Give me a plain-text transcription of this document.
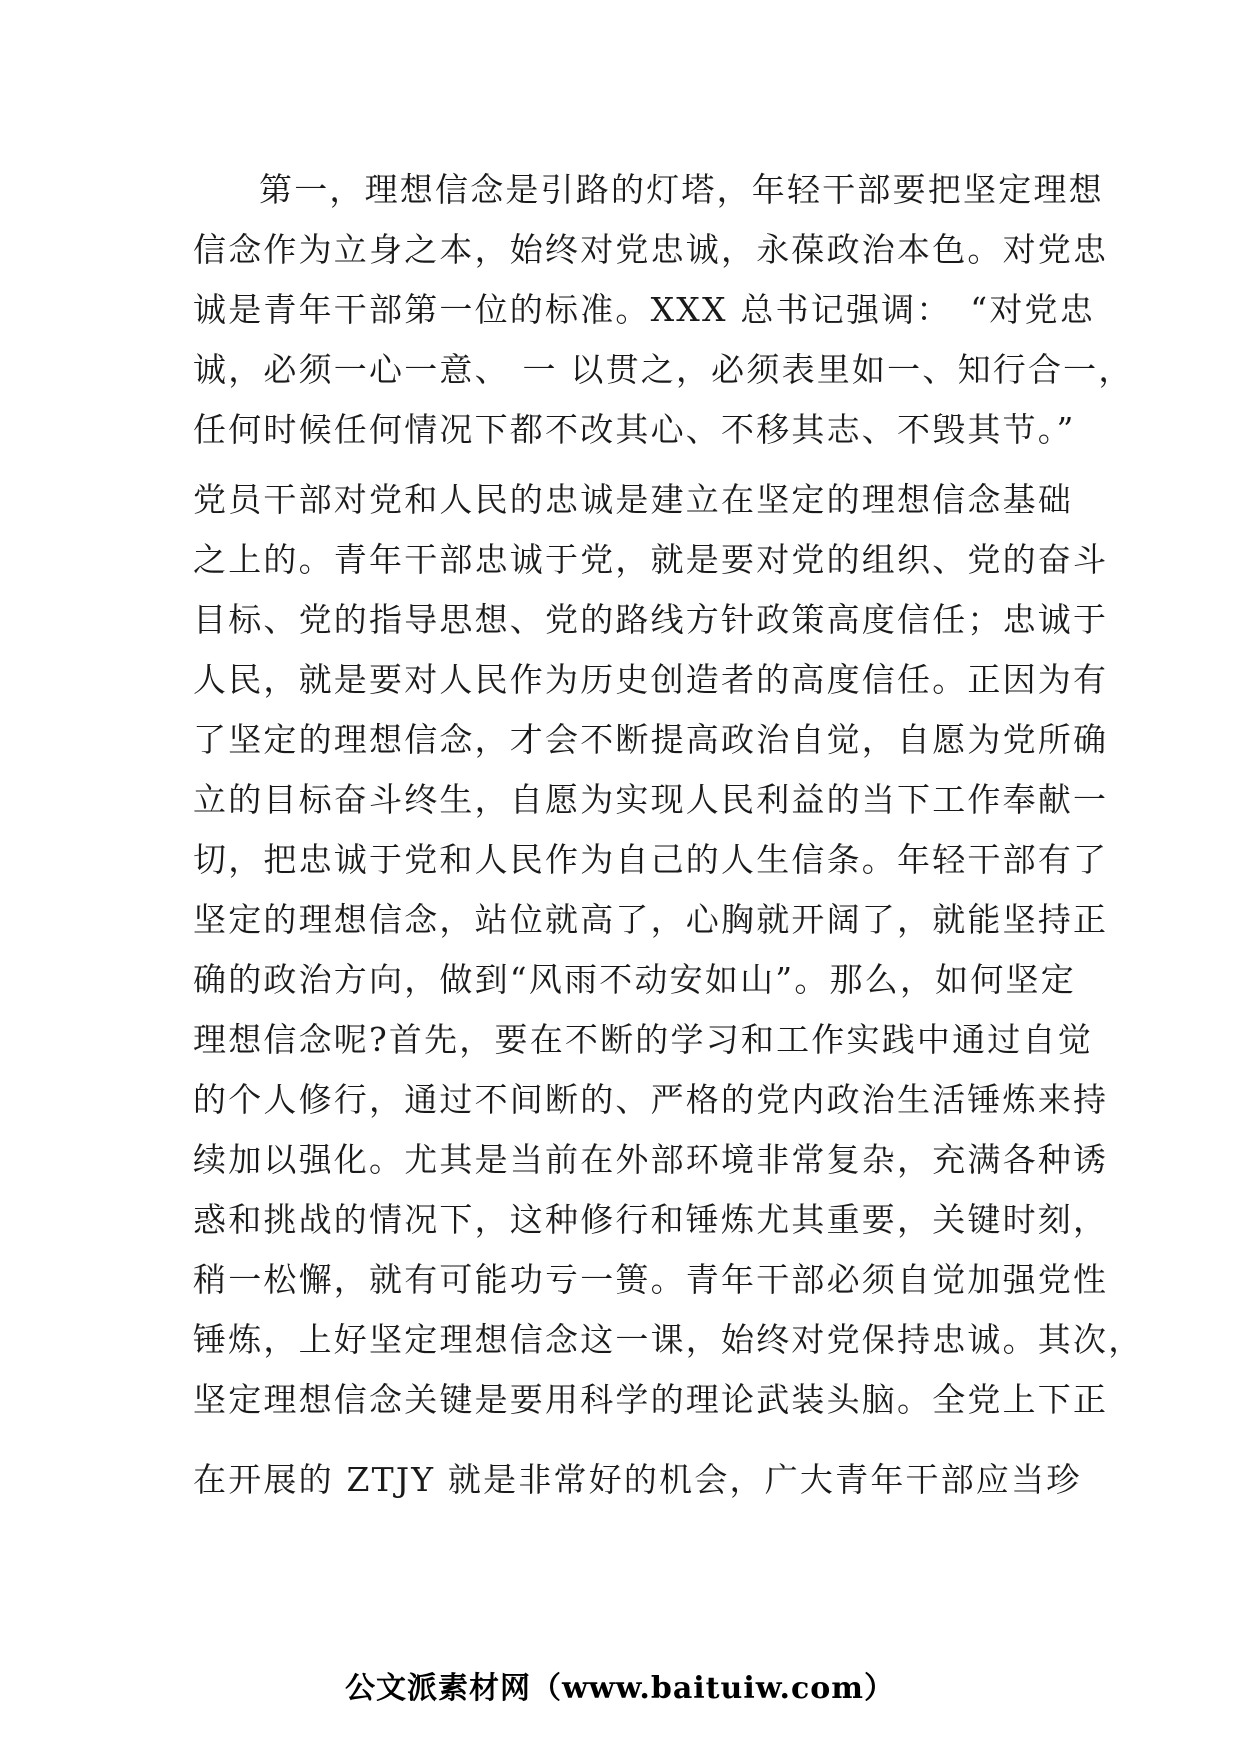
第一，理想信念是引路的灯塔，年轻干部要把坚定理想
信念作为立身之本，始终对党忠诚，永葆政治本色。对党忠
诚是青年干部第一位的标准。XXX 总书记强调：　“对党忠
诚，必须一心一意、 一 以贯之，必须表里如一、知行合一，
任何时候任何情况下都不改其心、不移其志、不毁其节。”
党员干部对党和人民的忠诚是建立在坚定的理想信念基础
之上的。青年干部忠诚于党，就是要对党的组织、党的奋斗
目标、党的指导思想、党的路线方针政策高度信任；忠诚于
人民，就是要对人民作为历史创造者的高度信任。正因为有
了坚定的理想信念，才会不断提高政治自觉，自愿为党所确
立的目标奋斗终生，自愿为实现人民利益的当下工作奉献一
切，把忠诚于党和人民作为自己的人生信条。年轻干部有了
坚定的理想信念，站位就高了，心胸就开阔了，就能坚持正
确的政治方向，做到“风雨不动安如山”。那么，如何坚定
理想信念呢?首先，要在不断的学习和工作实践中通过自觉
的个人修行，通过不间断的、严格的党内政治生活锤炼来持
续加以强化。尤其是当前在外部环境非常复杂，充满各种诱
惑和挑战的情况下，这种修行和锤炼尤其重要，关键时刻，
稍一松懈，就有可能功亏一篑。青年干部必须自觉加强党性
锤炼，上好坚定理想信念这一课，始终对党保持忠诚。其次，
坚定理想信念关键是要用科学的理论武装头脑。全党上下正
在开展的 ZTJY 就是非常好的机会，广大青年干部应当珍
公文派素材网（www.baituiw.com）
